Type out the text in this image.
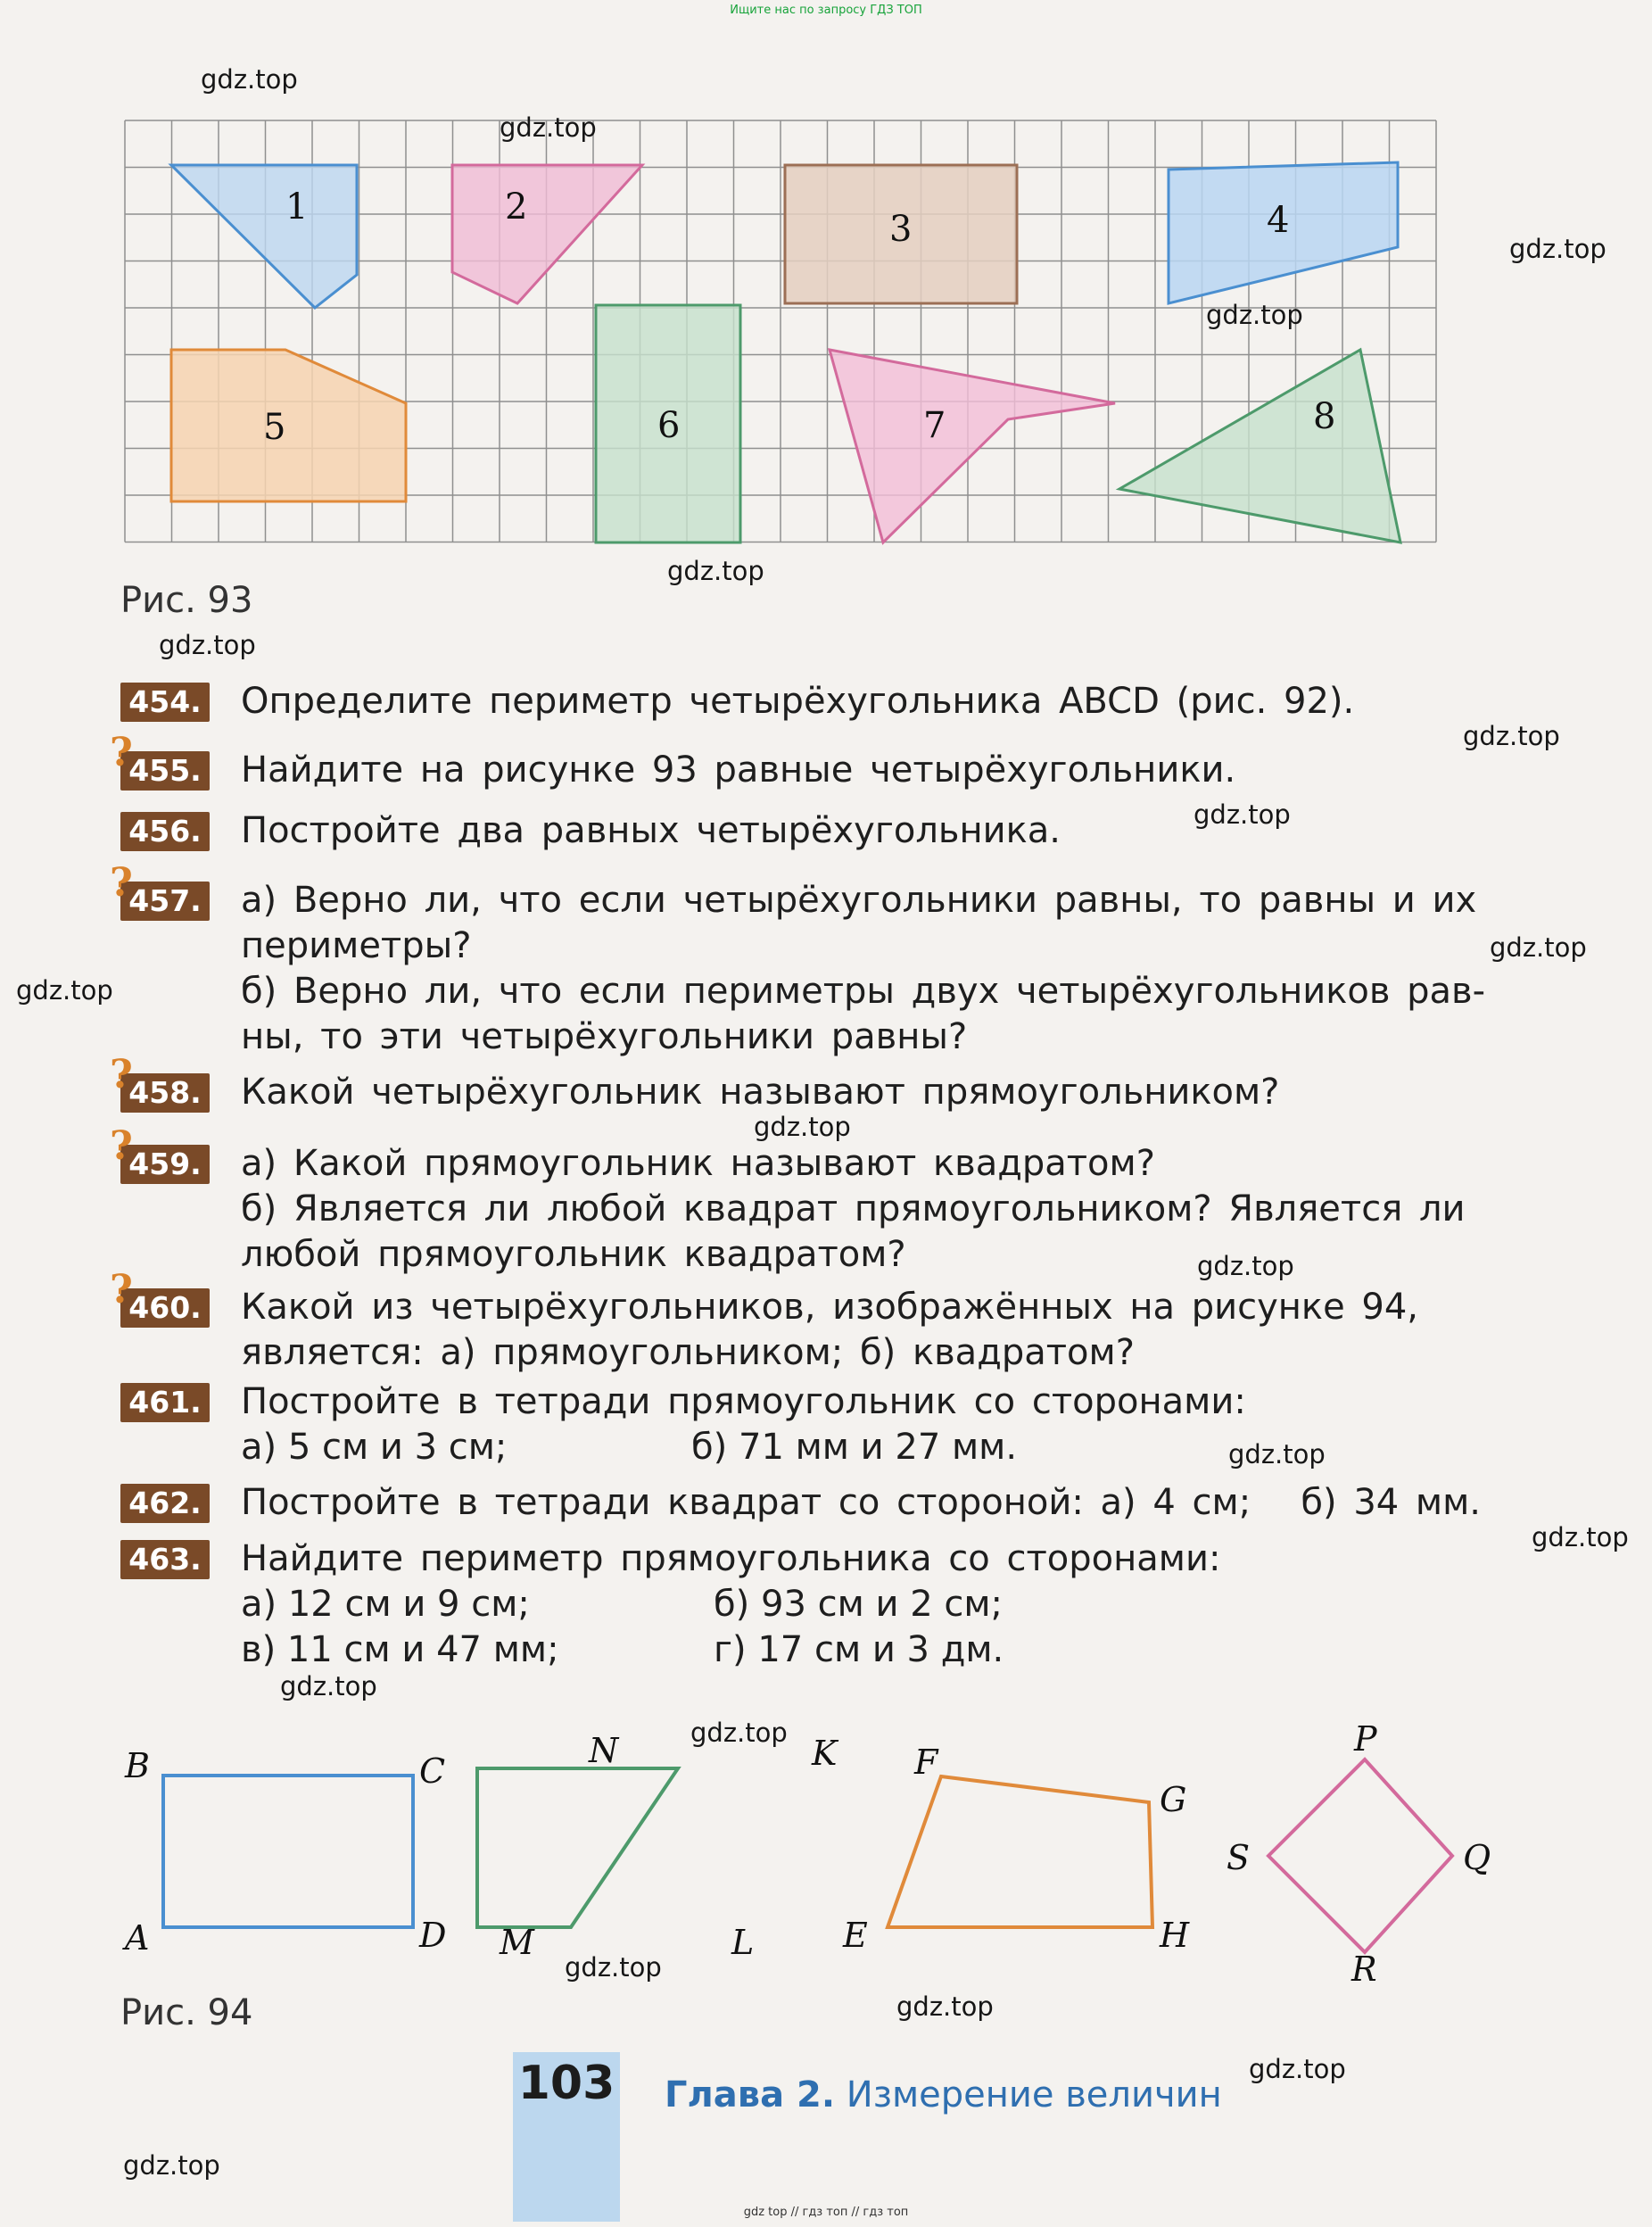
Ищите нас по запросу ГДЗ ТОП
1	2
3	4
5	6	7	8
Рис. 93
454. Определите периметр четырёхугольника ABCD (рис. 92).
455.
?	Найдите на рисунке 93 равные четырёхугольники.
456. Постройте два равных четырёхугольника.
457.
?	а) Верно ли, что если четырёхугольники равны, то равны и их
периметры?
б) Верно ли, что если периметры двух четырёхугольников рав-
ны, то эти четырёхугольники равны?
458.
?	Какой четырёхугольник называют прямоугольником?
459.
?	а) Какой прямоугольник называют квадратом?
б) Является ли любой квадрат прямоугольником? Является ли
любой прямоугольник квадратом?
460.
?	Какой из четырёхугольников, изображённых на рисунке 94,
является: а) прямоугольником; б) квадратом?
461. Постройте в тетради прямоугольник со сторонами:
а) 5 см и 3 см;	б) 71 мм и 27 мм.
462. Постройте в тетради квадрат со стороной: а) 4 см;   б) 34 мм.
463. Найдите периметр прямоугольника со сторонами:
а) 12 см и 9 см;	б) 93 см и 2 см;
в) 11 см и 47 мм;	г) 17 см и 3 дм.
A
B	C
D M
N	K
L	E
F
G
H
S
P
Q
R
Рис. 94
103 Глава 2. Измерение величин
gdz.top
gdz.top
gdz.top
gdz.top
gdz.top
gdz.top
gdz.top
gdz.top
gdz.top
gdz.top
gdz.top
gdz.top
gdz.top
gdz.top
gdz.top
gdz.top
gdz.top
gdz.top
gdz.top
gdz.top
gdz top // гдз топ // гдз топ
